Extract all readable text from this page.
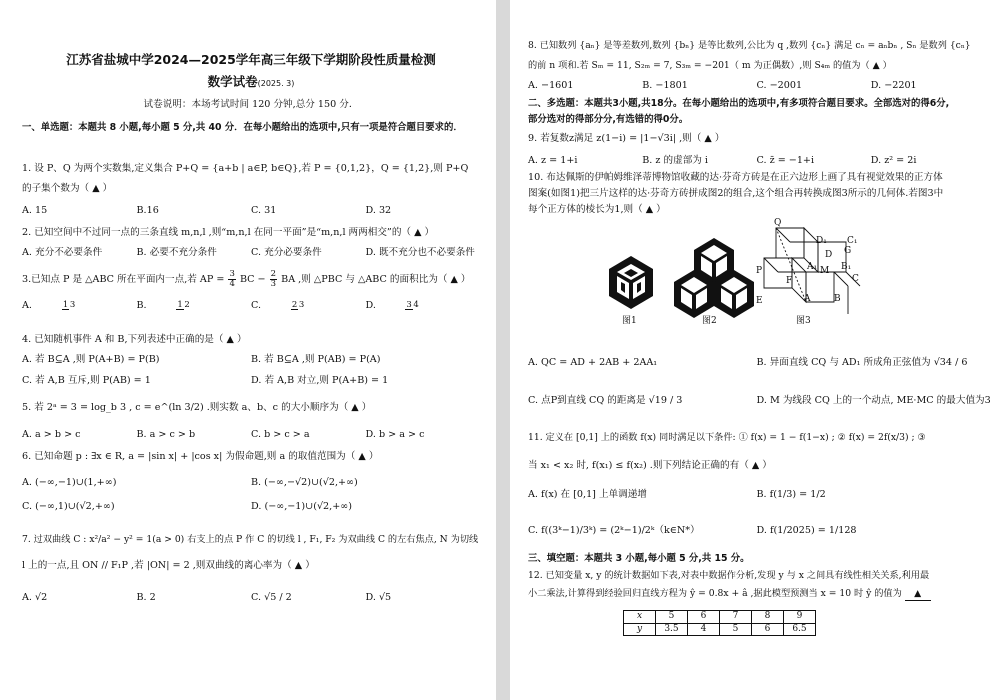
江苏省盐城中学2024—2025学年高三年级下学期阶段性质量检测
数学试卷(2025. 3)
试卷说明：本场考试时间 120 分钟,总分 150 分．
一、单选题：本题共 8 小题,每小题 5 分,共 40 分．在每小题给出的选项中,只有一项是符合题目要求的．
1. 设 P、Q 为两个实数集,定义集合 P+Q = {a+b | a∈P, b∈Q},若 P = {0,1,2}，Q = {1,2},则 P+Q
的子集个数为（ ▲ ）
A. 15	B.16	C. 31	D. 32
2. 已知空间中不过同一点的三条直线 m,n,l ,则“m,n,l 在同一平面”是“m,n,l 两两相交”的（ ▲ ）
A. 充分不必要条件	B. 必要不充分条件	C. 充分必要条件	D. 既不充分也不必要条件
3.已知点 P 是 △ABC 所在平面内一点,若 AP = $\frac{3}{4}$ BC − $\frac{2}{3}$ BA ,则 △PBC 与 △ABC 的面积比为（ ▲ ）
A.	1 3	B.	1 2	C.	2 3	D.	3 4
4. 已知随机事件 A 和 B,下列表述中正确的是（ ▲ ）
A. 若 B⊆A ,则 P(A+B) = P(B)	B. 若 B⊆A ,则 P(AB) = P(A)
C. 若 A,B 互斥,则 P(AB) = 1	D. 若 A,B 对立,则 P(A+B) = 1
5. 若 2ᵃ = 3 = log_b 3 , c = e^(ln 3/2) .则实数 a、b、c 的大小顺序为（ ▲ ）
A. a > b > c	B. a > c > b	C. b > c > a	D. b > a > c
6. 已知命题 p : ∃x ∈ R, a = |sin x| + |cos x| 为假命题,则 a 的取值范围为（ ▲ ）
A. (−∞,−1)∪(1,+∞)	B. (−∞,−√2)∪(√2,+∞)
C. (−∞,1)∪(√2,+∞)	D. (−∞,−1)∪(√2,+∞)
7. 过双曲线 C : x²/a² − y² = 1(a > 0) 右支上的点 P 作 C 的切线 l , F₁, F₂ 为双曲线 C 的左右焦点, N 为切线
l 上的一点,且 ON // F₁P ,若 |ON| = 2 ,则双曲线的离心率为（ ▲ ）
A. √2	B. 2	C. √5 / 2	D. √5
8. 已知数列 {aₙ} 是等差数列,数列 {bₙ} 是等比数列,公比为 q ,数列 {cₙ} 满足 cₙ = aₙbₙ , Sₙ 是数列 {cₙ}
的前 n 项和.若 Sₘ = 11, S₂ₘ = 7, S₃ₘ = −201（ m 为正偶数）,则 S₄ₘ 的值为（ ▲ ）
A. −1601	B. −1801	C. −2001	D. −2201
二、多选题：本题共3小题,共18分。在每小题给出的选项中,有多项符合题目要求。全部选对的得6分,
部分选对的得部分分,有选错的得0分。
9. 若复数z满足 z(1−i) = |1−√3i| ,则（ ▲ ）
A. z = 1+i	B. z 的虚部为 i	C. z̄ = −1+i	D. z² = 2i
10. 布达佩斯的伊帕姆维泽蒂博物馆收藏的达·芬奇方砖是在正六边形上画了具有视觉效果的正方体
图案(如图1)把三片这样的达·芬奇方砖拼成图2的组合,这个组合再转换成图3所示的几何体.若图3中
每个正方体的棱长为1,则（ ▲ ）
Q
D₁ C₁
P
F
M
A₁	B₁
D
C
E	A	B
G
图1	图2	图3
A. QC = AD + 2AB + 2AA₁	B. 异面直线 CQ 与 AD₁ 所成角正弦值为 √34 / 6
C. 点P到直线 CQ 的距离是 √19 / 3	D. M 为线段 CQ 上的一个动点, ME·MC 的最大值为3
11. 定义在 [0,1] 上的函数 f(x) 同时满足以下条件: ① f(x) = 1 − f(1−x) ; ② f(x) = 2f(x/3) ; ③
当 x₁ < x₂ 时, f(x₁) ≤ f(x₂) .则下列结论正确的有（ ▲ ）
A. f(x) 在 [0,1] 上单调递增	B. f(1/3) = 1/2
C. f((3ᵏ−1)/3ᵏ) = (2ᵏ−1)/2ᵏ（k∈N*）	D. f(1/2025) = 1/128
三、填空题：本题共 3 小题,每小题 5 分,共 15 分。
12. 已知变量 x, y 的统计数据如下表,对表中数据作分析,发现 y 与 x 之间具有线性相关关系,利用最
小二乘法,计算得到经验回归直线方程为 ŷ = 0.8x + â ,据此模型预测当 x = 10 时 ŷ 的值为 ▲
x	5	6	7	8	9
y	3.5	4	5	6	6.5
